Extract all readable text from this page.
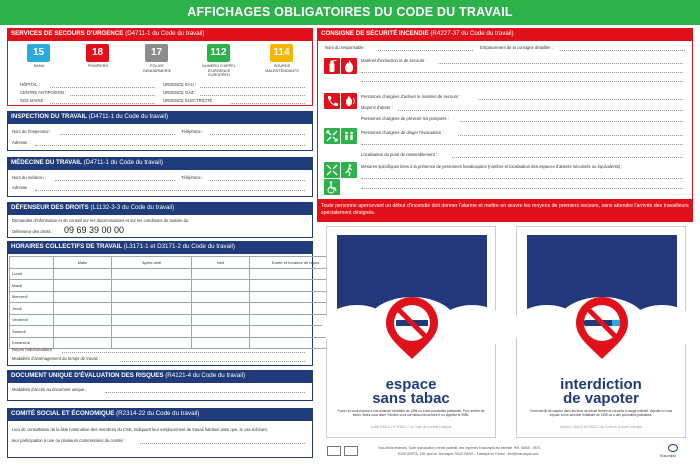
AFFICHAGES OBLIGATOIRES DU CODE DU TRAVAIL
SERVICES DE SECOURS D'URGENCE (D4711-1 du Code du travail)
15
SAMU
18
POMPIERS
17
POLICE GENDARMERIE
112
NUMÉRO D'APPEL D'URGENCE EUROPÉEN
114
SOURDS MALENTENDANTS
HÔPITAL :
CENTRE ANTIPOISON :
SOS MAINS :
URGENCE EAU :
URGENCE GAZ :
URGENCE ÉLECTRICITÉ :
INSPECTION DU TRAVAIL (D4711-1 du Code du travail)
Nom de l'inspecteur :	Téléphone :
Adresse :
MÉDECINE DU TRAVAIL (D4711-1 du Code du travail)
Nom du médecin :	Téléphone :
Adresse :
DÉFENSEUR DES DROITS (L1132-3-3 du Code du travail)
Demandes d'information et de conseil sur les discriminations et sur les conditions de saisine du
Défenseur des droits : 09 69 39 00 00
HORAIRES COLLECTIFS DE TRAVAIL (L3171-1 et D3171-2 du Code du travail)
	Matin	Après-midi	Nuit	Durée et horaires de repos
Lundi				
Mardi				
Mercredi				
Jeudi				
Vendredi				
Samedi				
Dimanche				
Repos hebdomadaire :
Modalités d'aménagement du temps de travail :
DOCUMENT UNIQUE D'ÉVALUATION DES RISQUES (R4121-4 du Code du travail)
Modalités d'accès au document unique :
COMITÉ SOCIAL ET ÉCONOMIQUE (R2314-22 du Code du travail)
Lieu de consultation de la liste nominative des membres du CSE, indiquant leur emplacement de travail habituel ainsi que, le cas échéant,
leur participation à une ou plusieurs commissions du comité :
CONSIGNE DE SÉCURITÉ INCENDIE (R4227-37 du Code du travail)
Nom du responsable :	Emplacement de la consigne détaillée :
Matériel d'extinction et de secours :
Personnes chargées d'activer le matériel de secours :
Moyens d'alerte :
Personnes chargées de prévenir les pompiers :
Personnes chargées de diriger l'évacuation :
Localisation du point de rassemblement :
Mesures spécifiques liées à la présence de personnes handicapées (nombre et localisation des espaces d'attente sécurisés ou équivalents) :
Toute personne apercevant un début d'incendie doit donner l'alarme et mettre en œuvre les moyens de premiers secours, sans attendre l'arrivée des travailleurs spécialement désignés.
espace
sans tabac
Fumer ici vous expose à une amende forfaitaire de 135€ ou à des poursuites judiciaires. Pour arrêter de fumer, faites-vous aider. Rendez-vous sur tabac-info-service.fr ou appelez le 3989.
Arrêté R3512-2 et R3512-7 du Code de la santé publique
interdiction
de vapoter
Il est interdit de vapoter dans les lieux de travail fermés et couverts à usage collectif. Vapoter ici vous expose à une amende forfaitaire de 135€ ou à des poursuites judiciaires.
Articles L3513-6 et R3513-2 du Code de la santé publique
Tous droits réservés. Toute reproduction, même partielle, des imprimés Exacompta est interdite. Réf. 0080E - 0925.
EXACOMPTA, 138, quai de Jemmapes 75010 PARIS – Fabriqué en France - info@exacompta.com	Exacompta
